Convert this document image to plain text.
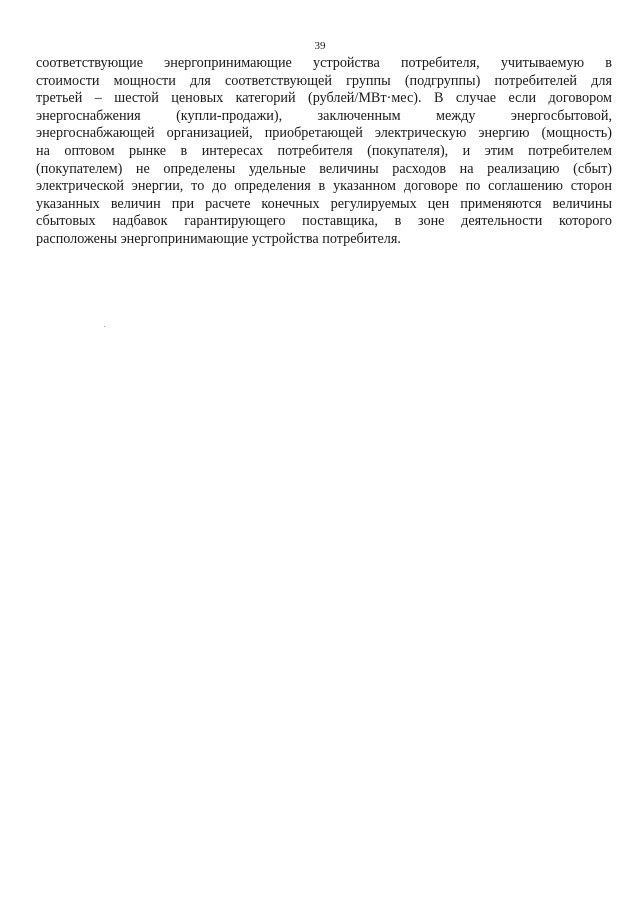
39
соответствующие энергопринимающие устройства потребителя, учитываемую в
стоимости мощности для соответствующей группы (подгруппы) потребителей для
третьей – шестой ценовых категорий (рублей/МВт·мес). В случае если договором
энергоснабжения (купли-продажи), заключенным между энергосбытовой,
энергоснабжающей организацией, приобретающей электрическую энергию (мощность)
на оптовом рынке в интересах потребителя (покупателя), и этим потребителем
(покупателем) не определены удельные величины расходов на реализацию (сбыт)
электрической энергии, то до определения в указанном договоре по соглашению сторон
указанных величин при расчете конечных регулируемых цен применяются величины
сбытовых надбавок гарантирующего поставщика, в зоне деятельности которого
расположены энергопринимающие устройства потребителя.
